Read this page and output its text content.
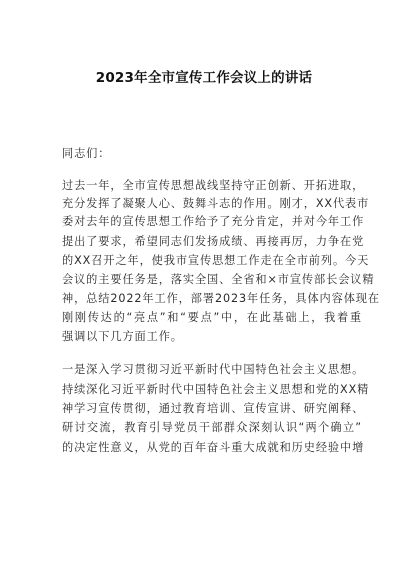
2023年全市宣传工作会议上的讲话
同志们：
过去一年，全市宣传思想战线坚持守正创新、开拓进取，
充分发挥了凝聚人心、鼓舞斗志的作用。刚才，XX代表市
委对去年的宣传思想工作给予了充分肯定，并对今年工作
提出了要求，希望同志们发扬成绩、再接再厉，力争在党
的XX召开之年，使我市宣传思想工作走在全市前列。今天
会议的主要任务是，落实全国、全省和×市宣传部长会议精
神，总结2022年工作，部署2023年任务，具体内容体现在
刚刚传达的“亮点”和“要点”中，在此基础上，我着重
强调以下几方面工作。
一是深入学习贯彻习近平新时代中国特色社会主义思想。
持续深化习近平新时代中国特色社会主义思想和党的XX精
神学习宣传贯彻，通过教育培训、宣传宣讲、研究阐释、
研讨交流，教育引导党员干部群众深刻认识“两个确立”
的决定性意义，从党的百年奋斗重大成就和历史经验中增
